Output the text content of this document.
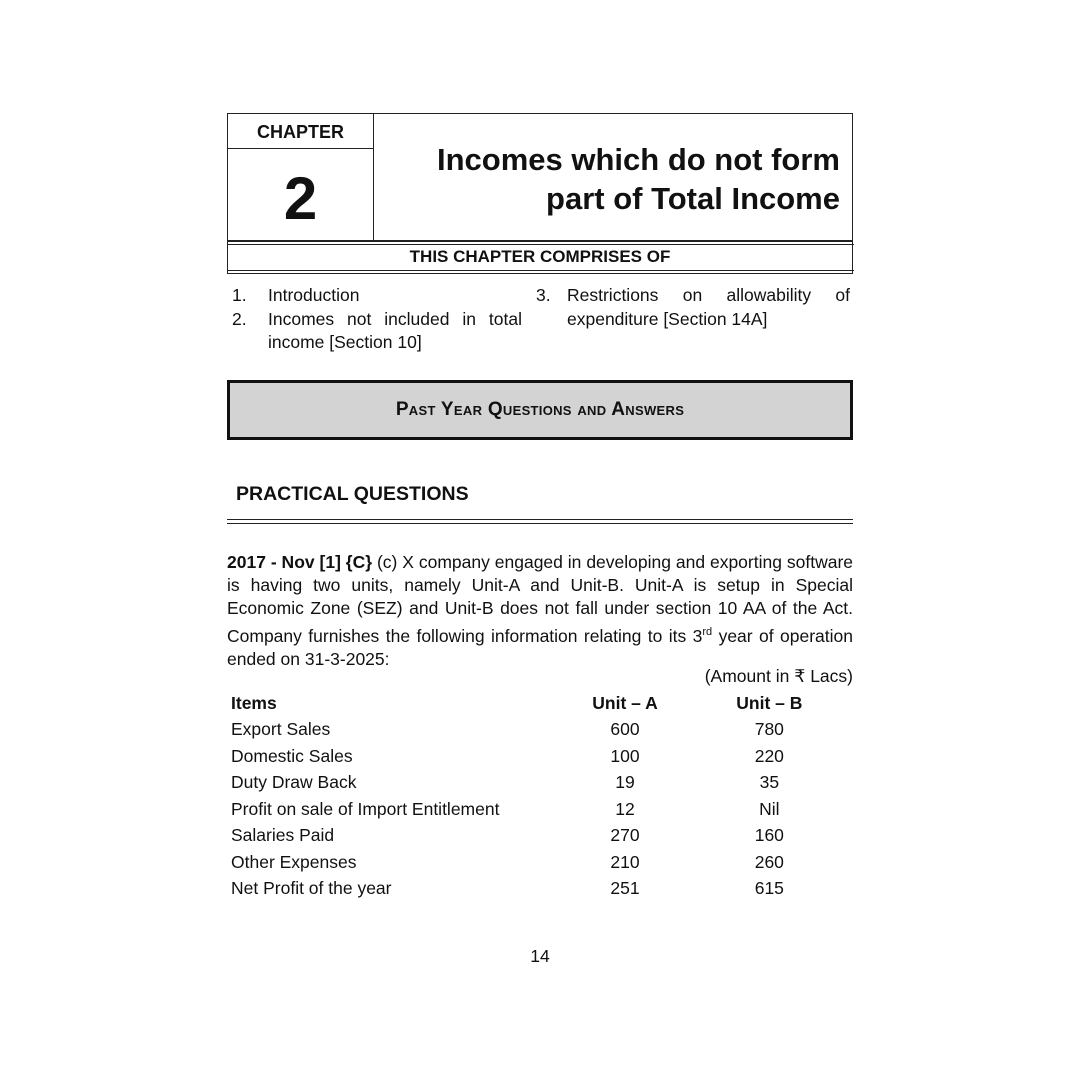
CHAPTER
2
Incomes which do not form
part of Total Income
THIS CHAPTER COMPRISES OF
1.	Introduction
2.	Incomes not included in total income [Section 10]
3. Restrictions on allowability of expenditure [Section 14A]
Past Year Questions and Answers
PRACTICAL QUESTIONS
2017 - Nov [1] {C} (c) X company engaged in developing and exporting software is having two units, namely Unit-A and Unit-B. Unit-A is setup in Special Economic Zone (SEZ) and Unit-B does not fall under section 10 AA of the Act. Company furnishes the following information relating to its 3rd year of operation ended on 31-3-2025:
(Amount in ₹ Lacs)
Items	Unit – A	Unit – B
Export Sales	600	780
Domestic Sales	100	220
Duty Draw Back	19	35
Profit on sale of Import Entitlement	12	Nil
Salaries Paid	270	160
Other Expenses	210	260
Net Profit of the year	251	615
14
